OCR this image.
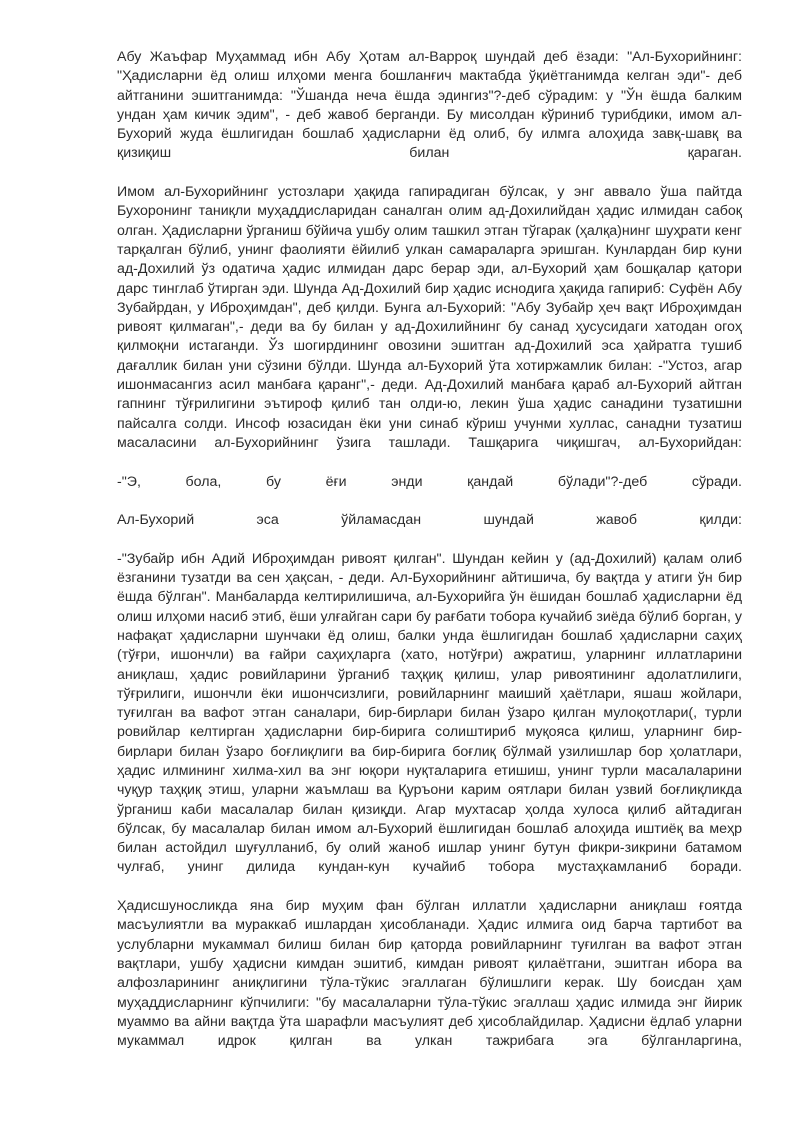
Абу Жаъфар Муҳаммад ибн Абу Ҳотам ал-Варроқ шундай деб ёзади: "Ал-Бухорийнинг: "Ҳадисларни ёд олиш илҳоми менга бошланғич мактабда ўқиётганимда келган эди"- деб айтганини эшитганимда: "Ўшанда неча ёшда эдингиз"?-деб сўрадим: у "Ўн ёшда балким ундан ҳам кичик эдим", - деб жавоб берганди. Бу мисолдан кўриниб турибдики, имом ал-Бухорий жуда ёшлигидан бошлаб ҳадисларни ёд олиб, бу илмга алоҳида завқ-шавқ ва қизиқиш билан қараган.

Имом ал-Бухорийнинг устозлари ҳақида гапирадиган бўлсак, у энг аввало ўша пайтда Бухоронинг таниқли муҳаддисларидан саналган олим ад-Дохилийдан ҳадис илмидан сабоқ олган. Ҳадисларни ўрганиш бўйича ушбу олим ташкил этган тўгарак (ҳалқа)нинг шуҳрати кенг тарқалган бўлиб, унинг фаолияти ёйилиб улкан самараларга эришган. Кунлардан бир куни ад-Дохилий ўз одатича ҳадис илмидан дарс берар эди, ал-Бухорий ҳам бошқалар қатори дарс тинглаб ўтирган эди. Шунда Ад-Дохилий бир ҳадис иснодига ҳақида гапириб: Суфён Абу Зубайрдан, у Иброҳимдан", деб қилди. Бунга ал-Бухорий: "Абу Зубайр ҳеч вақт Иброҳимдан ривоят қилмаган",- деди ва бу билан у ад-Дохилийнинг бу санад ҳусусидаги хатодан огоҳ қилмоқни истаганди. Ўз шогирдининг овозини эшитган ад-Дохилий эса ҳайратга тушиб дағаллик билан уни сўзини бўлди. Шунда ал-Бухорий ўта хотиржамлик билан: -"Устоз, агар ишонмасангиз асил манбаға қаранг",- деди. Ад-Дохилий манбаға қараб ал-Бухорий айтган гапнинг тўғрилигини эътироф қилиб тан олди-ю, лекин ўша ҳадис санадини тузатишни пайсалга солди. Инсоф юзасидан ёки уни синаб кўриш учунми хуллас, санадни тузатиш масаласини ал-Бухорийнинг ўзига ташлади. Ташқарига чиқишгач, ал-Бухорийдан:

-"Э, бола, бу ёғи энди қандай бўлади"?-деб сўради.

Ал-Бухорий эса ўйламасдан шундай жавоб қилди:

-"Зубайр ибн Адий Иброҳимдан ривоят қилган". Шундан кейин у (ад-Дохилий) қалам олиб ёзганини тузатди ва сен ҳақсан, - деди. Ал-Бухорийнинг айтишича, бу вақтда у атиги ўн бир ёшда бўлган". Манбаларда келтирилишича, ал-Бухорийга ўн ёшидан бошлаб ҳадисларни ёд олиш илҳоми насиб этиб, ёши улғайган сари бу рағбати тобора кучайиб зиёда бўлиб борган, у нафақат ҳадисларни шунчаки ёд олиш, балки унда ёшлигидан бошлаб ҳадисларни саҳиҳ (тўғри, ишончли) ва ғайри саҳиҳларга (хато, нотўғри) ажратиш, уларнинг иллатларини аниқлаш, ҳадис ровийларини ўрганиб таҳқиқ қилиш, улар ривоятининг адолатлилиги, тўғрилиги, ишончли ёки ишончсизлиги, ровийларнинг маиший ҳаётлари, яшаш жойлари, туғилган ва вафот этган саналари, бир-бирлари билан ўзаро қилган мулоқотлари(, турли ровийлар келтирган ҳадисларни бир-бирига солиштириб муқояса қилиш, уларнинг бир-бирлари билан ўзаро боғлиқлиги ва бир-бирига боғлиқ бўлмай узилишлар бор ҳолатлари, ҳадис илмининг хилма-хил ва энг юқори нуқталарига етишиш, унинг турли масалаларини чуқур таҳқиқ этиш, уларни жаъмлаш ва Қуръони карим оятлари билан узвий боғлиқликда ўрганиш каби масалалар билан қизиқди. Агар мухтасар ҳолда хулоса қилиб айтадиган бўлсак, бу масалалар билан имом ал-Бухорий ёшлигидан бошлаб алоҳида иштиёқ ва меҳр билан астойдил шуғулланиб, бу олий жаноб ишлар унинг бутун фикри-зикрини батамом чулғаб, унинг дилида кундан-кун кучайиб тобора мустаҳкамланиб боради.

Ҳадисшуносликда яна бир муҳим фан бўлган иллатли ҳадисларни аниқлаш ғоятда масъулиятли ва мураккаб ишлардан ҳисобланади. Ҳадис илмига оид барча тартибот ва услубларни мукаммал билиш билан бир қаторда ровийларнинг туғилган ва вафот этган вақтлари, ушбу ҳадисни кимдан эшитиб, кимдан ривоят қилаётгани, эшитган ибора ва алфозларининг аниқлигини тўла-тўкис эгаллаган бўлишлиги керак. Шу боисдан ҳам муҳаддисларнинг кўпчилиги: "бу масалаларни тўла-тўкис эгаллаш ҳадис илмида энг йирик муаммо ва айни вақтда ўта шарафли масъулият деб ҳисоблайдилар. Ҳадисни ёдлаб уларни мукаммал идрок қилган ва улкан тажрибага эга бўлганларгина,
